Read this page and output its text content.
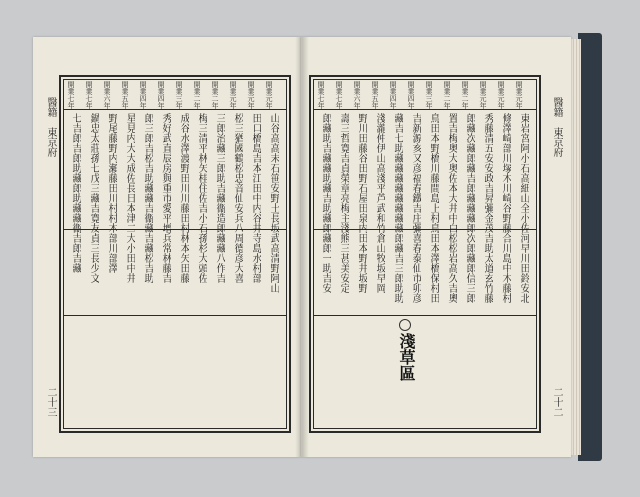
醫籍
東京府
二十三
開業七年 開業七年 開業六年 開業五年 開業四年 開業四年 開業三年 開業二年 開業二年 開業元年 開業元年 開業元年
七吉郎吉郎助藏郎助藏藏衞吉郎吉藏 鍋忠太莊孫七戊三藏吉寛友貞三長少文 野尾藤野内瀬藤田川村村木部川部澤 星見内大大成佐長日本津二大小田中井 郎三郎吉松吉助藏藏吉衞藏吉藏松吉助 秀好武直辰房與重市愛平增兵常林藤吉 成谷水澤渡野田川川藤田村林本矢田藤 梅三清平林矢桂住佐吉小石孫杉大頭佐 三郎治藏三郎助吉藏衞造郎藏藏八作吉 松三猶國鶴松忠音仙安兵八周德彦大喜 田口橋島吉本江田中内谷井寺島水村部 山谷高高末石笹安野土長坂武高清野阿山
醫籍
東京府
二十二
淺草區
開業七年 開業七年 開業六年 開業五年 開業四年 開業四年 開業三年 開業二年 開業二年 開業元年 開業元年 開業元年
郎藏助吉藏藏助藏吉助藏郎藏郎一助吉安 壽三哲寛吉貞榮章亮梅主淺熊三甚美安定 野川田藤谷田野石屋田泉内田本野井坂野 淺瀧仲伊山高淺平芦武和竹倉山牧坂早岡	鳥田本野橋川藤間島上村鳥田本澤橋保村田 置吉梅奥大奥佐本大井中白松松岩高久吉奧 郎藏次藏郎藏吉郎藏藏藏郎次郎藏郎信三郎 秀藤清五安安政吉昇彌金茂吉助太道玄竹藤 條澤崎部川塚木川崎谷野藤合川島中木藤村 東岩宮阿小石高細山全小佐河早川田鈴安北
吉新源亥又彦福春鐵吉庄彌喜春泰仙市卯彦
藏吉七助藏藏藏藏藏藏藏藏郎藏吉三郎助助
